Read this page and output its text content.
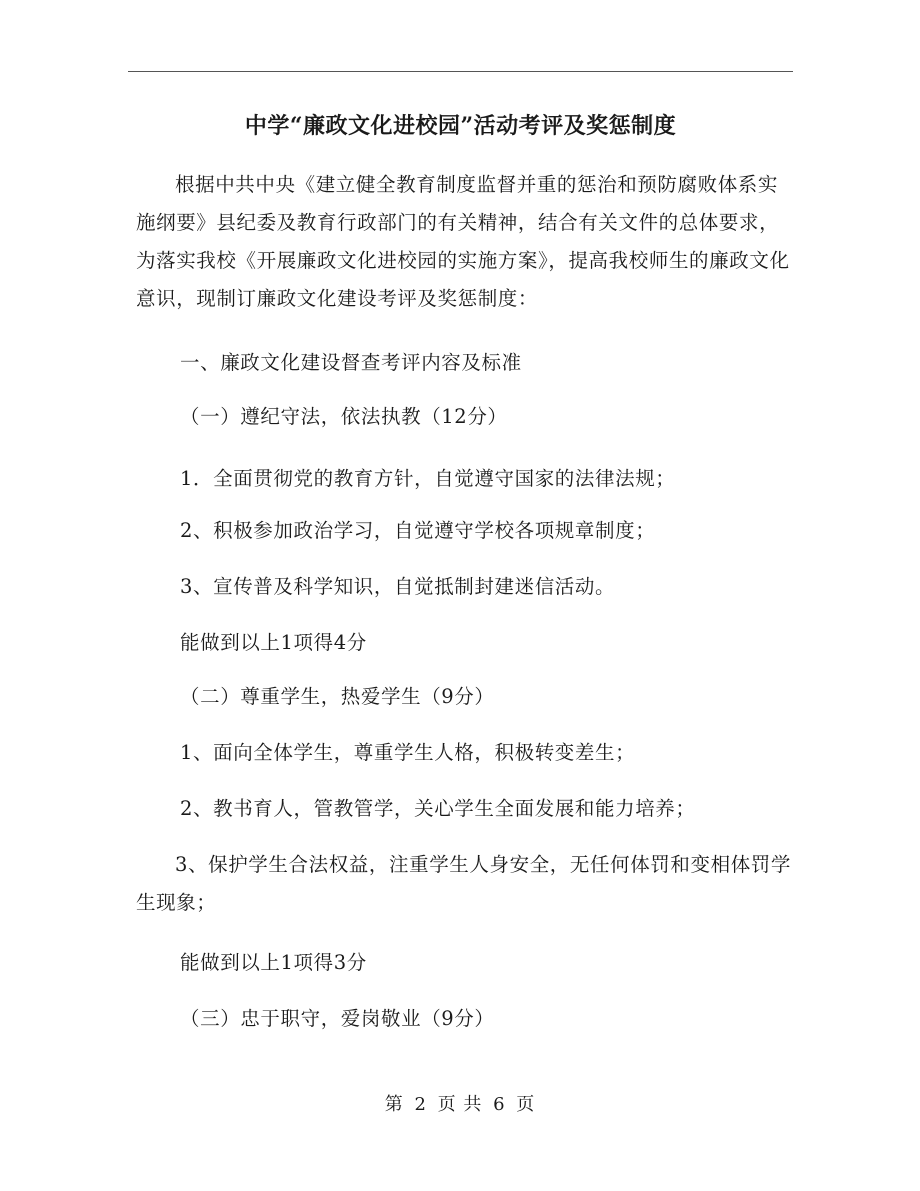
中学“廉政文化进校园”活动考评及奖惩制度

根据中共中央《建立健全教育制度监督并重的惩治和预防腐败体系实施纲要》县纪委及教育行政部门的有关精神，结合有关文件的总体要求，为落实我校《开展廉政文化进校园的实施方案》，提高我校师生的廉政文化意识，现制订廉政文化建设考评及奖惩制度：

一、廉政文化建设督查考评内容及标准

（一）遵纪守法，依法执教（12分）

1．全面贯彻党的教育方针，自觉遵守国家的法律法规；

2、积极参加政治学习，自觉遵守学校各项规章制度；

3、宣传普及科学知识，自觉抵制封建迷信活动。

能做到以上1项得4分

（二）尊重学生，热爱学生（9分）

1、面向全体学生，尊重学生人格，积极转变差生；

2、教书育人，管教管学，关心学生全面发展和能力培养；

3、保护学生合法权益，注重学生人身安全，无任何体罚和变相体罚学生现象；

能做到以上1项得3分

（三）忠于职守，爱岗敬业（9分）

第 2 页 共 6 页
